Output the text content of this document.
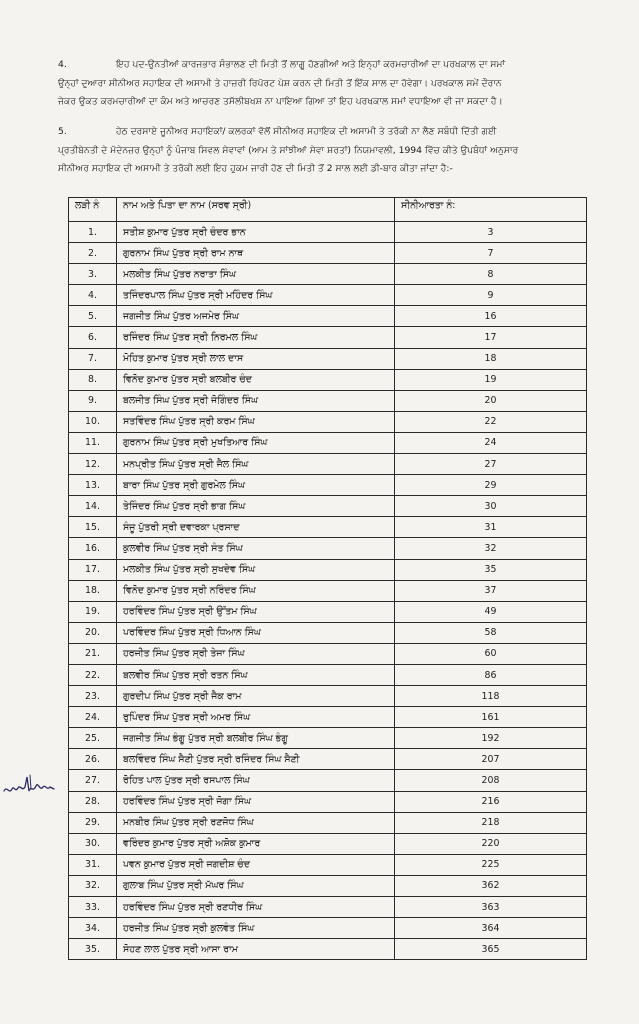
4.	ਇਹ ਪਦ-ਉਨਤੀਆਂ ਕਾਰਜਭਾਰ ਸੰਭਾਲਣ ਦੀ ਮਿਤੀ ਤੋਂ ਲਾਗੂ ਹੋਣਗੀਆਂ ਅਤੇ ਇਨ੍ਹਾਂ ਕਰਮਚਾਰੀਆਂ ਦਾ ਪਰਖਕਾਲ ਦਾ ਸਮਾਂ
ਉਨ੍ਹਾਂ ਦੁਆਰਾ ਸੀਨੀਅਰ ਸਹਾਇਕ ਦੀ ਅਸਾਮੀ ਤੇ ਹਾਜ਼ਰੀ ਰਿਪੋਰਟ ਪੇਸ਼ ਕਰਨ ਦੀ ਮਿਤੀ ਤੋਂ ਇੱਕ ਸਾਲ ਦਾ ਹੋਵੇਗਾ। ਪਰਖਕਾਲ ਸਮੇਂ ਦੌਰਾਨ
ਜੇਕਰ ਉਕਤ ਕਰਮਚਾਰੀਆਂ ਦਾ ਕੰਮ ਅਤੇ ਆਚਰਣ ਤਸੱਲੀਬਖਸ਼ ਨਾ ਪਾਇਆ ਗਿਆ ਤਾਂ ਇਹ ਪਰਖਕਾਲ ਸਮਾਂ ਵਧਾਇਆ ਵੀ ਜਾ ਸਕਦਾ ਹੈ।
5.	ਹੇਠ ਦਰਸਾਏ ਜੂਨੀਅਰ ਸਹਾਇਕਾਂ/ ਕਲਰਕਾਂ ਵੱਲੋਂ ਸੀਨੀਅਰ ਸਹਾਇਕ ਦੀ ਅਸਾਮੀ ਤੇ ਤਰੱਕੀ ਨਾ ਲੈਣ ਸਬੰਧੀ ਦਿੱਤੀ ਗਈ
ਪ੍ਰਤੀਬੇਨਤੀ ਦੇ ਮੱਦੇਨਜ਼ਰ ਉਨ੍ਹਾਂ ਨੂੰ ਪੰਜਾਬ ਸਿਵਲ ਸੇਵਾਵਾਂ (ਆਮ ਤੇ ਸਾਂਝੀਆਂ ਸੇਵਾ ਸ਼ਰਤਾਂ) ਨਿਯਮਾਵਲੀ, 1994 ਵਿੱਚ ਕੀਤੇ ਉਪਬੰਧਾਂ ਅਨੁਸਾਰ
ਸੀਨੀਅਰ ਸਹਾਇਕ ਦੀ ਅਸਾਮੀ ਤੇ ਤਰੱਕੀ ਲਈ ਇਹ ਹੁਕਮ ਜਾਰੀ ਹੋਣ ਦੀ ਮਿਤੀ ਤੋਂ 2 ਸਾਲ ਲਈ ਡੀ-ਬਾਰ ਕੀਤਾ ਜਾਂਦਾ ਹੈ:-
ਲੜੀ ਨੰ	ਨਾਮ ਅਤੇ ਪਿਤਾ ਦਾ ਨਾਮ (ਸਰਵ ਸ੍ਰੀ)	ਸੀਨੀਆਰਤਾ ਨੰ:
1.	ਸਤੀਸ਼ ਕੁਮਾਰ ਪੁੱਤਰ ਸ੍ਰੀ ਚੰਦਰ ਭਾਨ	3
2.	ਗੁਰਨਾਮ ਸਿੰਘ ਪੁੱਤਰ ਸ੍ਰੀ ਰਾਮ ਨਾਥ	7
3.	ਮਲਕੀਤ ਸਿੰਘ ਪੁੱਤਰ ਨਰਾਤਾ ਸਿੰਘ	8
4.	ਤਜਿੰਦਰਪਾਲ ਸਿੰਘ ਪੁੱਤਰ ਸ੍ਰੀ ਮਹਿੰਦਰ ਸਿੰਘ	9
5.	ਜਗਜੀਤ ਸਿੰਘ ਪੁੱਤਰ ਅਜਮੇਰ ਸਿੰਘ	16
6.	ਰਜਿੰਦਰ ਸਿੰਘ ਪੁੱਤਰ ਸ੍ਰੀ ਨਿਰਮਲ ਸਿੰਘ	17
7.	ਮੋਹਿਤ ਕੁਮਾਰ ਪੁੱਤਰ ਸ੍ਰੀ ਲਾਲ ਦਾਸ	18
8.	ਵਿਨੋਦ ਕੁਮਾਰ ਪੁੱਤਰ ਸ੍ਰੀ ਬਲਬੀਰ ਚੰਦ	19
9.	ਬਲਜੀਤ ਸਿੰਘ ਪੁੱਤਰ ਸ੍ਰੀ ਜੋਗਿੰਦਰ ਸਿੰਘ	20
10.	ਸਤਵਿੰਦਰ ਸਿੰਘ ਪੁੱਤਰ ਸ੍ਰੀ ਕਰਮ ਸਿੰਘ	22
11.	ਗੁਰਨਾਮ ਸਿੰਘ ਪੁੱਤਰ ਸ੍ਰੀ ਮੁਖਤਿਆਰ ਸਿੰਘ	24
12.	ਮਨਪ੍ਰੀਤ ਸਿੰਘ ਪੁੱਤਰ ਸ੍ਰੀ ਜੈਲ ਸਿੰਘ	27
13.	ਬਾਰਾ ਸਿੰਘ ਪੁੱਤਰ ਸ੍ਰੀ ਗੁਰਮੇਲ ਸਿੰਘ	29
14.	ਤੇਜਿੰਦਰ ਸਿੰਘ ਪੁੱਤਰ ਸ੍ਰੀ ਭਾਗ ਸਿੰਘ	30
15.	ਸੰਜੂ ਪੁੱਤਰੀ ਸ੍ਰੀ ਦਵਾਰਕਾ ਪ੍ਰਸਾਦ	31
16.	ਕੁਲਵੀਰ ਸਿੰਘ ਪੁੱਤਰ ਸ੍ਰੀ ਸੰਤ ਸਿੰਘ	32
17.	ਮਲਕੀਤ ਸਿੰਘ ਪੁੱਤਰ ਸ੍ਰੀ ਸੁਖਦੇਵ ਸਿੰਘ	35
18.	ਵਿਨੋਦ ਕੁਮਾਰ ਪੁੱਤਰ ਸ੍ਰੀ ਨਰਿੰਦਰ ਸਿੰਘ	37
19.	ਹਰਵਿੰਦਰ ਸਿੰਘ ਪੁੱਤਰ ਸ੍ਰੀ ਉੱਤਮ ਸਿੰਘ	49
20.	ਪਰਵਿੰਦਰ ਸਿੰਘ ਪੁੱਤਰ ਸ੍ਰੀ ਧਿਆਨ ਸਿੰਘ	58
21.	ਹਰਜੀਤ ਸਿੰਘ ਪੁੱਤਰ ਸ੍ਰੀ ਤੇਜਾ ਸਿੰਘ	60
22.	ਬਲਵੀਰ ਸਿੰਘ ਪੁੱਤਰ ਸ੍ਰੀ ਰਤਨ ਸਿੰਘ	86
23.	ਗੁਰਦੀਪ ਸਿੰਘ ਪੁੱਤਰ ਸ੍ਰੀ ਜੈਕ ਰਾਮ	118
24.	ਰੁਪਿੰਦਰ ਸਿੰਘ ਪੁੱਤਰ ਸ੍ਰੀ ਅਮਰ ਸਿੰਘ	161
25.	ਜਗਜੀਤ ਸਿੰਘ ਭੰਗੂ ਪੁੱਤਰ ਸ੍ਰੀ ਬਲਬੀਰ ਸਿੰਘ ਭੰਗੂ	192
26.	ਬਲਵਿੰਦਰ ਸਿੰਘ ਸੈਣੀ ਪੁੱਤਰ ਸ੍ਰੀ ਰਜਿੰਦਰ ਸਿੰਘ ਸੈਣੀ	207
27.	ਰੋਹਿਤ ਪਾਲ ਪੁੱਤਰ ਸ੍ਰੀ ਰਸਪਾਲ ਸਿੰਘ	208
28.	ਹਰਵਿੰਦਰ ਸਿੰਘ ਪੁੱਤਰ ਸ੍ਰੀ ਜੋਗਾ ਸਿੰਘ	216
29.	ਮਨਬੀਰ ਸਿੰਘ ਪੁੱਤਰ ਸ੍ਰੀ ਰਣਜੋਧ ਸਿੰਘ	218
30.	ਵਰਿੰਦਰ ਕੁਮਾਰ ਪੁੱਤਰ ਸ੍ਰੀ ਅਸ਼ੋਕ ਕੁਮਾਰ	220
31.	ਪਵਨ ਕੁਮਾਰ ਪੁੱਤਰ ਸ੍ਰੀ ਜਗਦੀਸ਼ ਚੰਦ	225
32.	ਗੁਲਾਬ ਸਿੰਘ ਪੁੱਤਰ ਸ੍ਰੀ ਮੱਘਰ ਸਿੰਘ	362
33.	ਹਰਵਿੰਦਰ ਸਿੰਘ ਪੁੱਤਰ ਸ੍ਰੀ ਰਣਧੀਰ ਸਿੰਘ	363
34.	ਹਰਜੀਤ ਸਿੰਘ ਪੁੱਤਰ ਸ੍ਰੀ ਕੁਲਵੰਤ ਸਿੰਘ	364
35.	ਸੋਹਣ ਲਾਲ ਪੁੱਤਰ ਸ੍ਰੀ ਆਸਾ ਰਾਮ	365
